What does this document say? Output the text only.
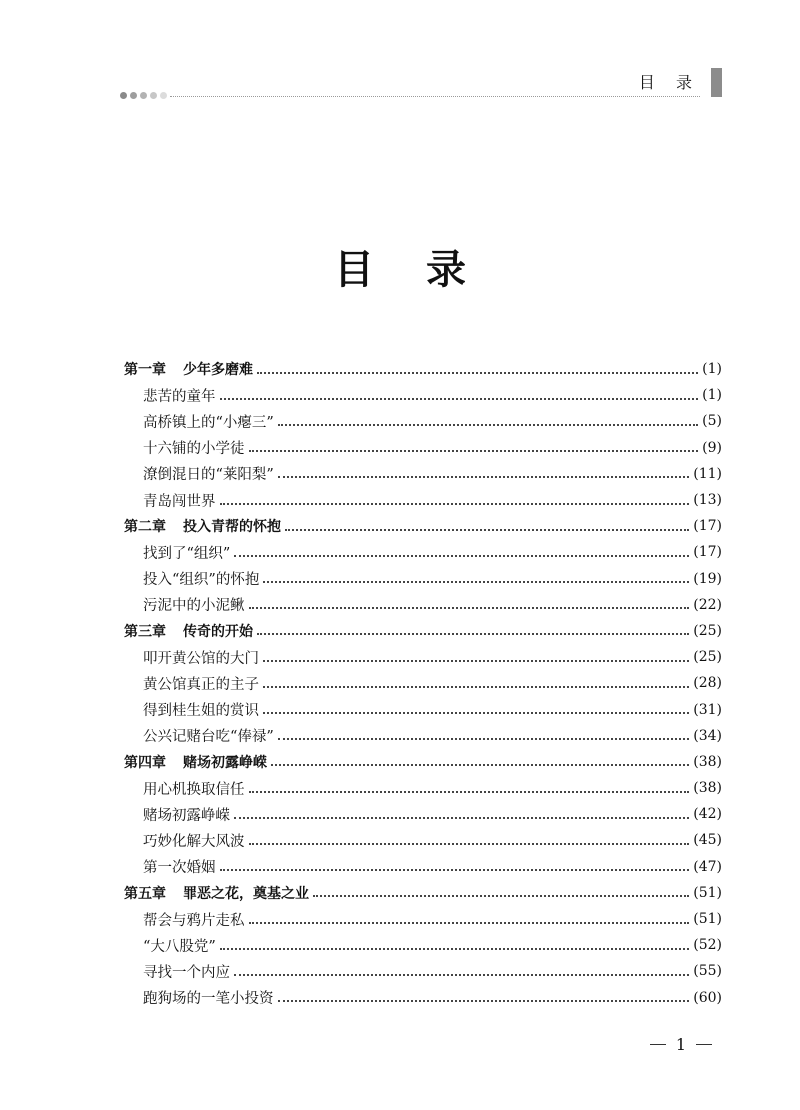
目 录
目录
第一章 少年多磨难	(1)
悲苦的童年	(1)
高桥镇上的“小瘪三”	(5)
十六铺的小学徒	(9)
潦倒混日的“莱阳梨”	(11)
青岛闯世界	(13)
第二章 投入青帮的怀抱	(17)
找到了“组织”	(17)
投入“组织”的怀抱	(19)
污泥中的小泥鳅	(22)
第三章 传奇的开始	(25)
叩开黄公馆的大门	(25)
黄公馆真正的主子	(28)
得到桂生姐的赏识	(31)
公兴记赌台吃“俸禄”	(34)
第四章 赌场初露峥嵘	(38)
用心机换取信任	(38)
赌场初露峥嵘	(42)
巧妙化解大风波	(45)
第一次婚姻	(47)
第五章 罪恶之花，奠基之业	(51)
帮会与鸦片走私	(51)
“大八股党”	(52)
寻找一个内应	(55)
跑狗场的一笔小投资	(60)
1
